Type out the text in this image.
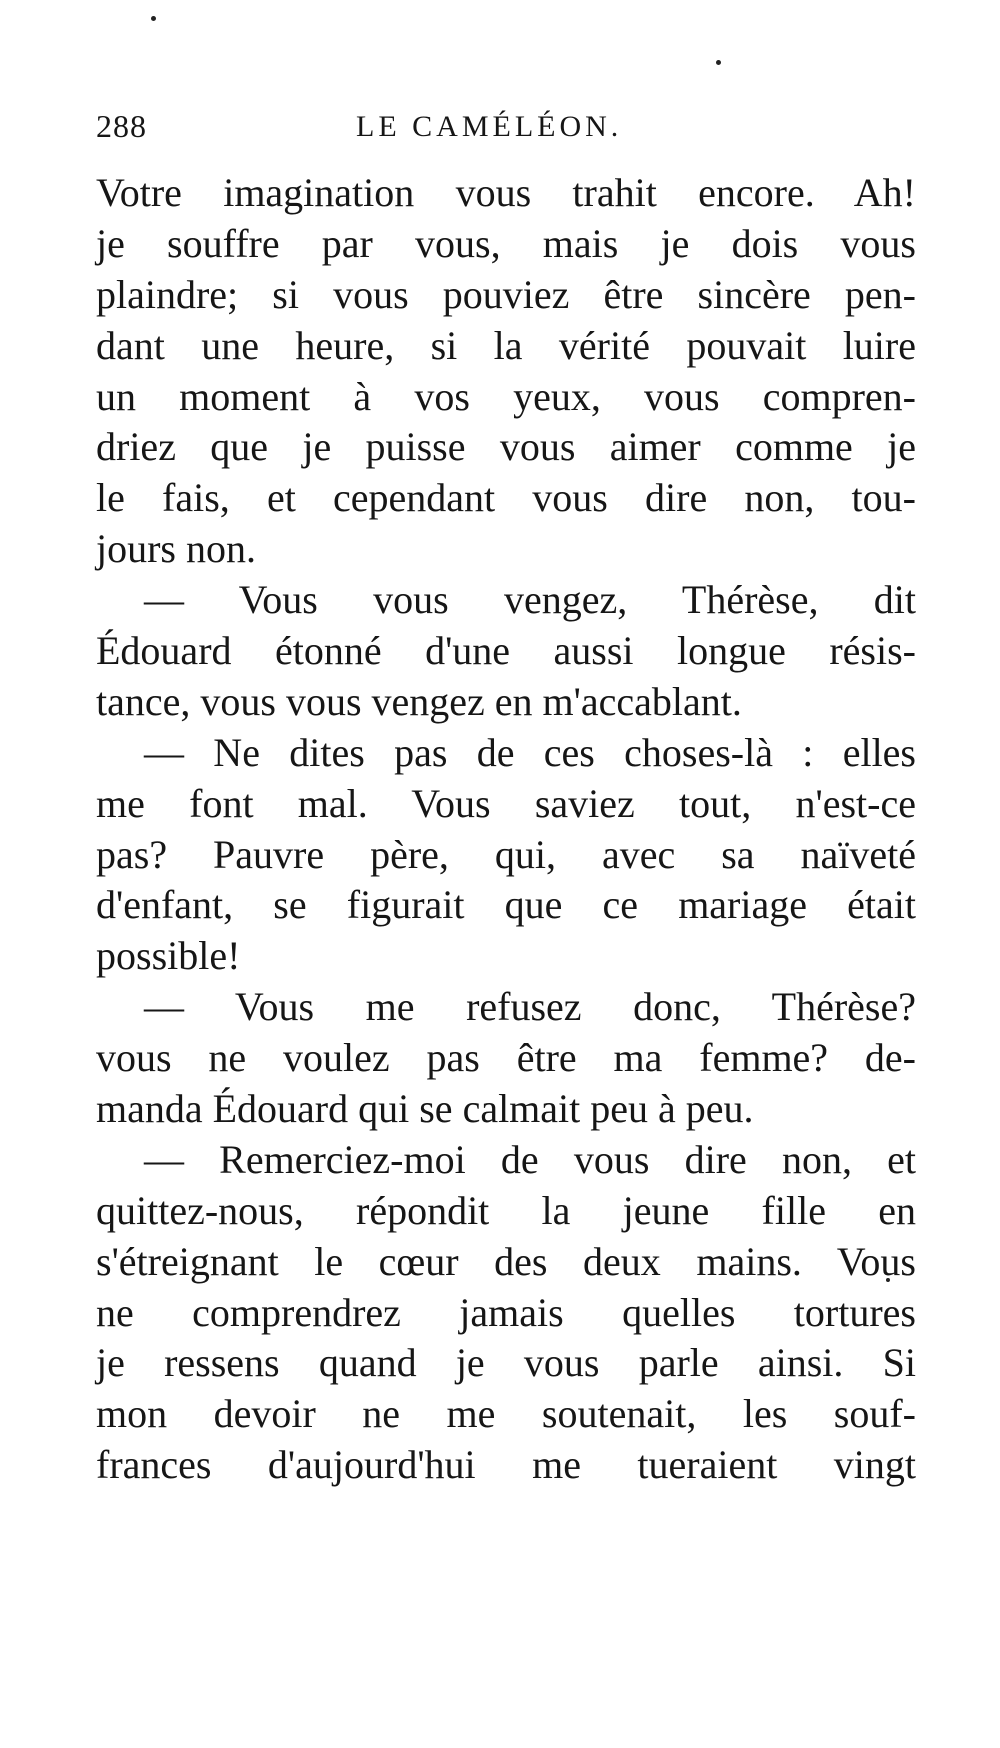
288	LE CAMÉLÉON.
Votre imagination vous trahit encore. Ah!
je souffre par vous, mais je dois vous
plaindre; si vous pouviez être sincère pen-
dant une heure, si la vérité pouvait luire
un moment à vos yeux, vous compren-
driez que je puisse vous aimer comme je
le fais, et cependant vous dire non, tou-
jours non.
— Vous vous vengez, Thérèse, dit
Édouard étonné d'une aussi longue résis-
tance, vous vous vengez en m'accablant.
— Ne dites pas de ces choses-là : elles
me font mal. Vous saviez tout, n'est-ce
pas? Pauvre père, qui, avec sa naïveté
d'enfant, se figurait que ce mariage était
possible!
— Vous me refusez donc, Thérèse?
vous ne voulez pas être ma femme? de-
manda Édouard qui se calmait peu à peu.
— Remerciez-moi de vous dire non, et
quittez-nous, répondit la jeune fille en
s'étreignant le cœur des deux mains. Vous
ne comprendrez jamais quelles tortures
je ressens quand je vous parle ainsi. Si
mon devoir ne me soutenait, les souf-
frances d'aujourd'hui me tueraient vingt
